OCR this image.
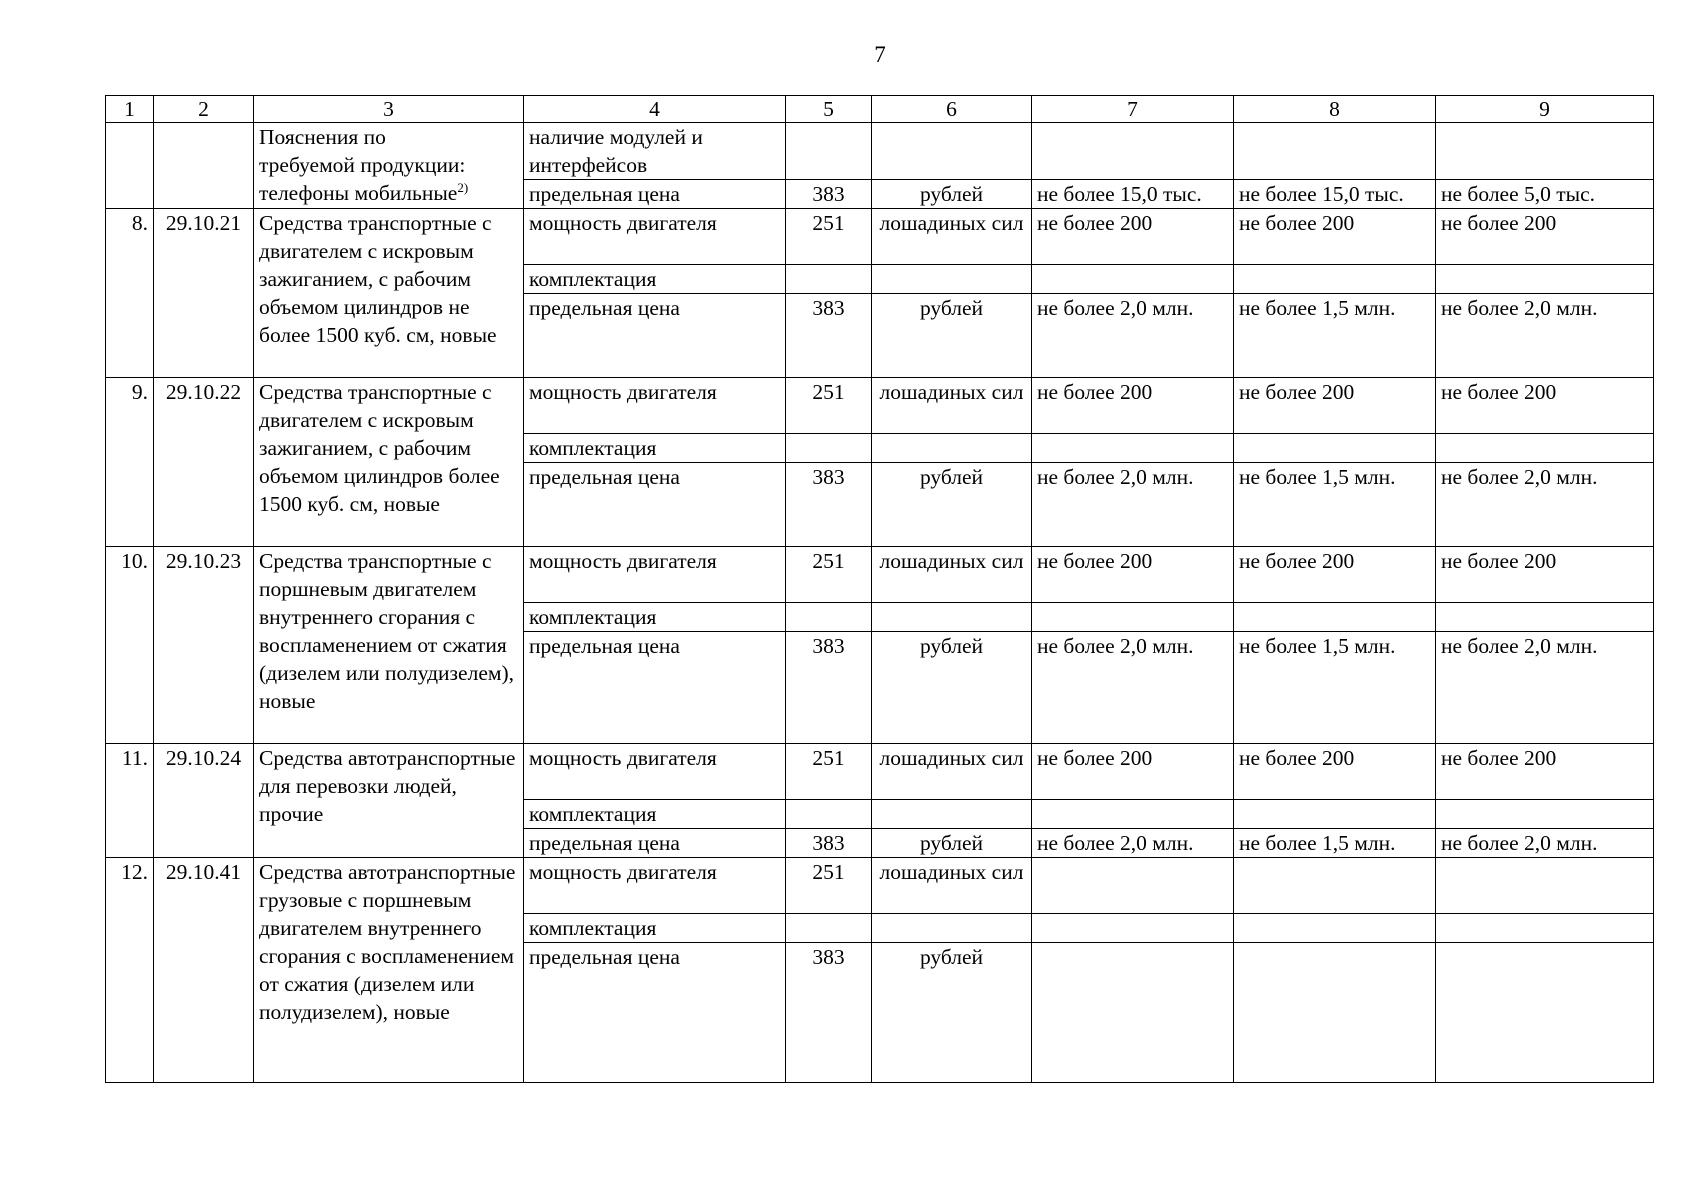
7
1	2	3	4	5	6	7	8	9
		Пояснения по
требуемой продукции:
телефоны мобильные$^{2)}$	наличие модулей и интерфейсов					
			предельная цена	383	рублей	не более 15,0 тыс.	не более 15,0 тыс.	не более 5,0 тыс.
8.	29.10.21	Средства транспортные с двигателем с искровым зажиганием, с рабочим объемом цилиндров не более 1500 куб. см, новые	мощность двигателя	251	лошадиных сил	не более 200	не более 200	не более 200
			комплектация					
			предельная цена	383	рублей	не более 2,0 млн.	не более 1,5 млн.	не более 2,0 млн.
9.	29.10.22	Средства транспортные с двигателем с искровым зажиганием, с рабочим объемом цилиндров более 1500 куб. см, новые	мощность двигателя	251	лошадиных сил	не более 200	не более 200	не более 200
			комплектация					
			предельная цена	383	рублей	не более 2,0 млн.	не более 1,5 млн.	не более 2,0 млн.
10.	29.10.23	Средства транспортные с поршневым двигателем внутреннего сгорания с воспламенением от сжатия (дизелем или полудизелем), новые	мощность двигателя	251	лошадиных сил	не более 200	не более 200	не более 200
			комплектация					
			предельная цена	383	рублей	не более 2,0 млн.	не более 1,5 млн.	не более 2,0 млн.
11.	29.10.24	Средства автотранспортные для перевозки людей, прочие	мощность двигателя	251	лошадиных сил	не более 200	не более 200	не более 200
			комплектация					
			предельная цена	383	рублей	не более 2,0 млн.	не более 1,5 млн.	не более 2,0 млн.
12.	29.10.41	Средства автотранспортные грузовые с поршневым двигателем внутреннего сгорания с воспламенением от сжатия (дизелем или полудизелем), новые	мощность двигателя	251	лошадиных сил			
			комплектация					
			предельная цена	383	рублей			
